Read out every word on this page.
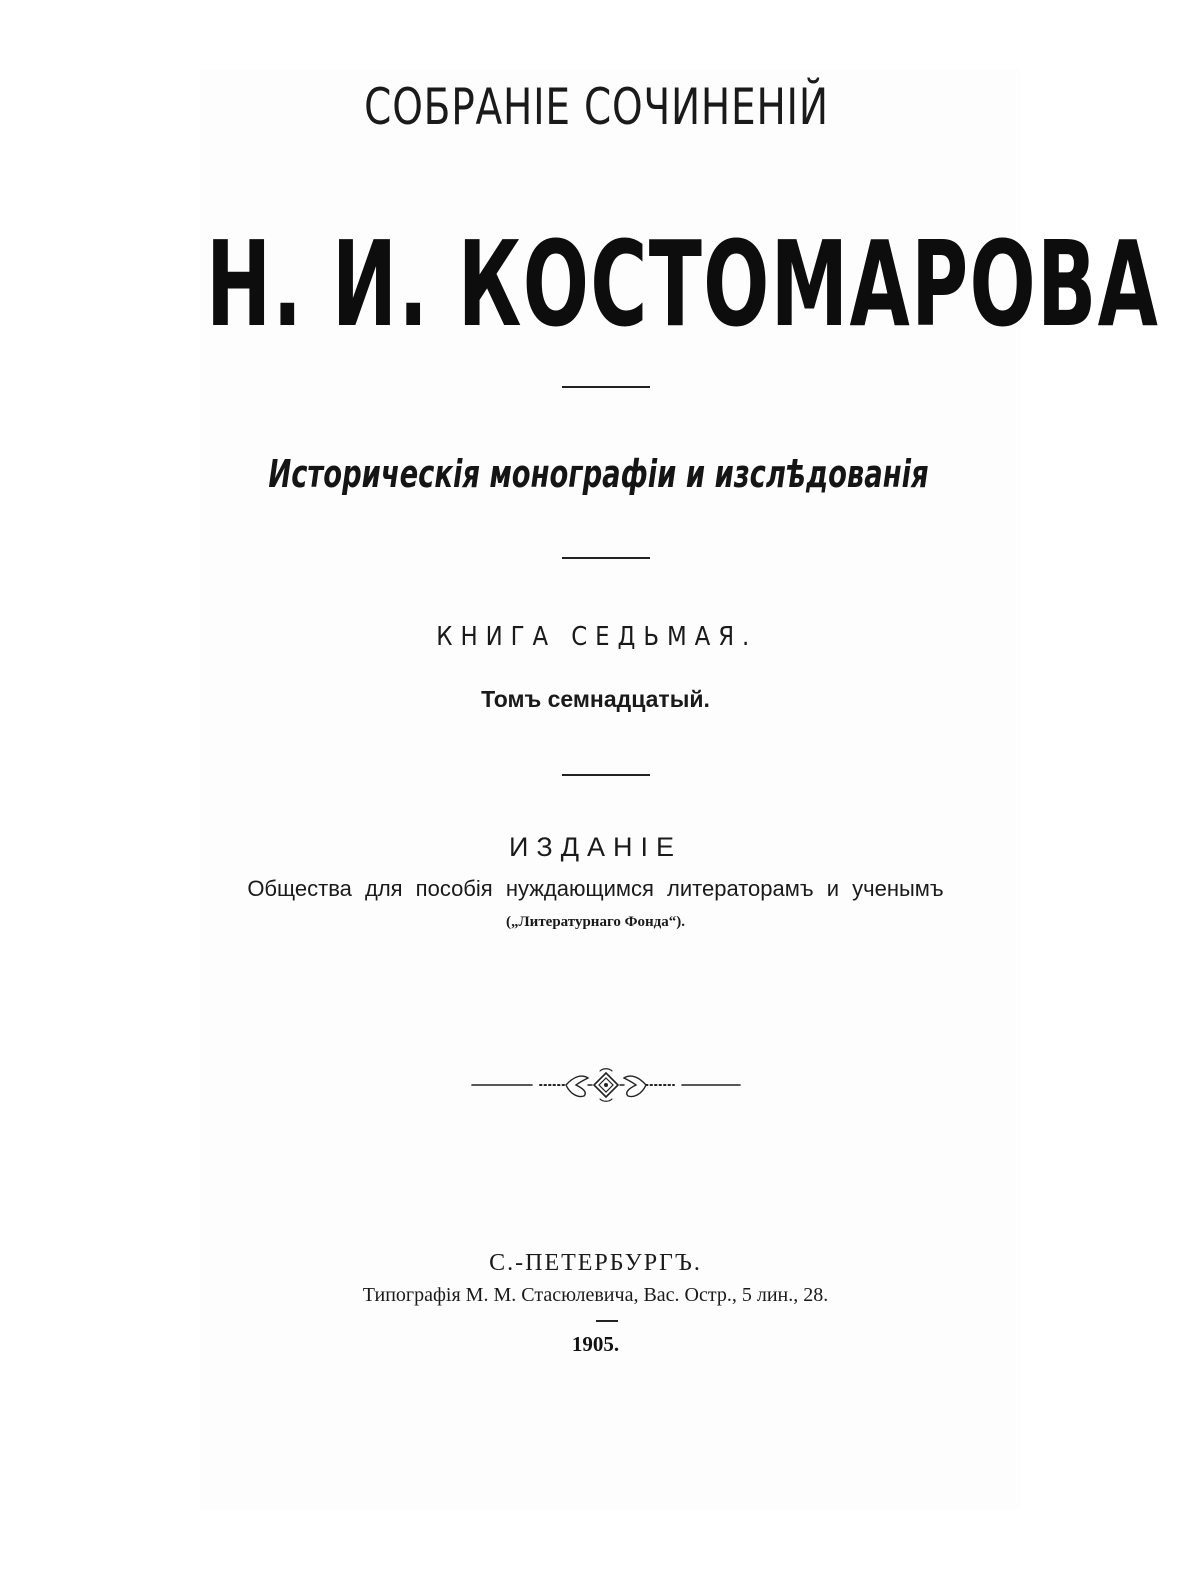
СОБРАНІЕ СОЧИНЕНІЙ
Н. И. КОСТОМАРОВА
Историческія монографіи и изслѣдованія
КНИГА СЕДЬМАЯ.
Томъ семнадцатый.
ИЗДАНІЕ
Общества для пособія нуждающимся литераторамъ и ученымъ
(„Литературнаго Фонда“).
С.-ПЕТЕРБУРГЪ.
Типографія М. М. Стасюлевича, Вас. Остр., 5 лин., 28.
1905.
